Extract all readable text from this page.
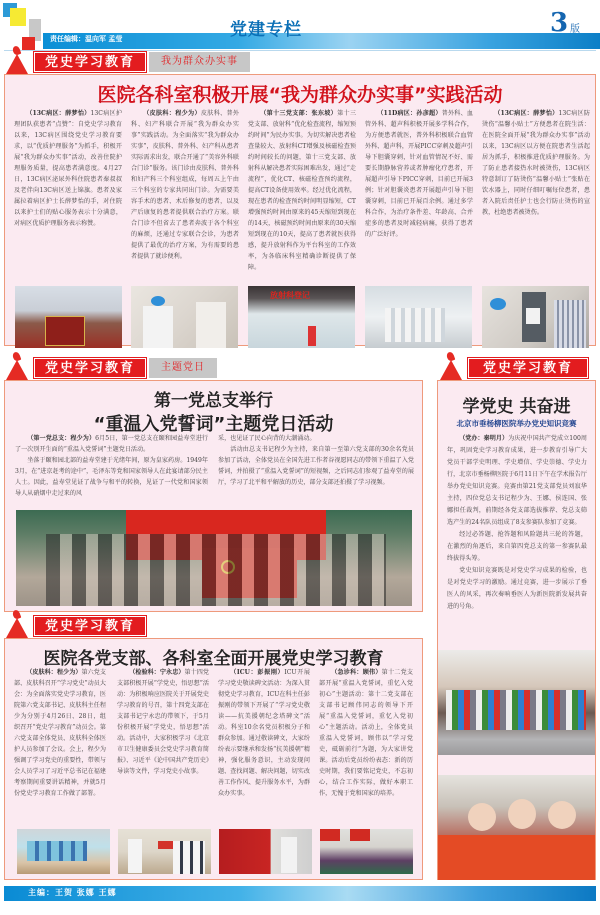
责任编辑：温向军 孟莹	党建专栏	3 版
党史学习教育	我为群众办实事
医院各科室积极开展“我为群众办实事”实践活动
（13C病区：薛梦怡）13C病区护理团队获患者“点赞”：自党史学习教育以来，13C病区围绕党史学习教育要求，以“优质护理服务”为抓手，积极开展“我为群众办实事”活动，改善住院护理服务质量，提高患者满意度。4月27日，13C病区泌尿外科住院患者秦叔叔及老伴向13C病区送上锦旗。患者及家属拉着病区护士长薛梦怡的手，对住院以来护士们的贴心服务表示十分满意，对病区优质护理服务表示称赞。
（皮肤科：程少为）皮肤科、普外科、妇产科联合开展“我为群众办实事”实践活动。为全面落实“我为群众办实事”，皮肤科、普外科、妇产科从患者实际需求出发，联合开通了“美容外科联合门诊”服务。该门诊由皮肤科、普外科和妇产科三个科室组成，每周五上午由三个科室的专家共同出门诊。为需要美容手术的患者、术后修复的患者，以及产后康复的患者提供联合治疗方案。联合门诊不但省去了患者奔波于各个科室的麻烦，还通过专家联合会诊，为患者提供了最优的治疗方案，为有需要的患者提供了就诊便利。
（第十三党支部：张东坡）第十三党支部、放射科“优化检查流程，缩短预约时间”为民办实事。为切实解决患者检查量较大、放射科CT增强及核磁检查预约时间较长的问题，第十三党支部、放射科从解决患者实际困难出发，通过“走流程”，优化CT、核磁检查预约流程，提高CT设备使用效率。经过优化流程，现在患者的检查预约时间明显缩短，CT增强预约时间由原来的45天缩短到现在的14天，核磁预约时间由原来的30天缩短到现在的10天，提高了患者就医获得感，提升放射科作为平台科室的工作效率，为各临床科室精确诊断提供了保障。
（11D病区：孙彦超）普外科、血管外科、超声科积极开展多学科合作，为方便患者就医，普外科积极联合血管外科、超声科，开展PICC穿刺及超声引导下胆囊穿刺，针对血管情况不好、需要长期静脉营养或者肿瘤化疗患者，开展超声引导下PICC穿刺，目前已开展3例；针对胆囊炎患者开展超声引导下胆囊穿刺，目前已开展百余例。通过多学科合作，为治疗条件差、年龄高、合并症多的患者及时减轻病痛，获得了患者的广泛好评。
（13C病区：薛梦怡）13C病区防烫伤“温馨小贴士”方便患者在院生活：在医院全面开展“我为群众办实事”活动以来，13C病区以方便在院患者生活起居为抓手，积极推进优质护理服务。为了防止患者接热水时被烫伤，13C病区特意制订了防烫伤“温馨小贴士”张贴在饮水器上，同时仔细叮嘱每位患者，患者入院后责任护士也会行防止烫伤的宣教，杜绝患者被烫伤。
放射科登记
党史学习教育	主题党日
第一党总支举行
“重温入党誓词”主题党日活动

（第一党总支：程少为）6月5日，第一党总支在颐和园益寿堂进行了一次别开生面的“重温入党誓词”主题党日活动。

坐落于颐和园北部的益寿堂建于光绪年间，原为皇家药房。1949年3月，在“进京赶考的途中”，毛泽东等党和国家领导人在此宴请部分民主人士。因此，益寿堂见证了战争与和平的转换，见证了一代党和国家领导人从硝烟中走过来的风

采，也见证了民心向背的大潮涌动。

活动由总支书记程少为主持，来自第一至第六党支部的30余名党员参加了活动，全体党员在全国先进工作者谷视愿同志的带领下重温了入党誓词，并拍摄了“重温入党誓词”的短视频，之后同志们参观了益寿堂的展厅，学习了北平和平解放的历史，部分支部还拍摄了学习视频。

党史学习教育
学党史 共奋进
北京市垂杨柳医院举办党史知识竞赛

（党办：秦明月）为庆祝中国共产党成立100周年，巩固党史学习教育成果，进一步教育引导广大党员干部学史明理、学史增信、学史崇德、学史力行，北京市垂杨柳医院于6月11日下午在学术报告厅举办党史知识竞赛。竞赛由第21党支部党员刘寂华主持，四位党总支书记程少为、王娜、侯连国、张娜担任裁判，前期经各党支部选拔推荐、党总支筛选产生的24名队员组成了8支参赛队参加了竞赛。

经过必答题、抢答题和风险题共三轮的答题，在激烈的角逐后，来自第四党总支的第一参赛队最终拔得头筹。

党史知识竞赛既是对党史学习成果的检验，也是对党史学习的激励。通过竞赛，进一步展示了垂医人的风采，再次奏响垂医人为新医院新发展共奋进的号角。

党史学习教育
医院各党支部、各科室全面开展党史学习教育
（皮肤科：程少为）第六党支部、皮肤科召开“学习党史”动员大会：为全面落实党史学习教育，医院第六党支部书记、皮肤科主任程少为分别于4月26日、28日，组织召开“党史学习教育”动员会。第六党支部全体党员、皮肤科全体医护人员参加了会议。会上，程少为强调了学习党史的重要性，带领与会人员学习了习近平总书记在福建考察期间重要讲话精神，并就5月份党史学习教育工作做了部署。
（检验科：宁永忠）第十四党支部积极开展“学党史，悟思想”活动：为积极响应医院关于开展党史学习教育的号召，第十四党支部在支部书记宁永忠的带领下，于5月份积极开展“学党史，悟思想”活动。活动中，大家积极学习《北京市卫生健康委员会党史学习教育简报》、习近平《论中国共产党历史》导读等文件，学习党史小故事。
（ICU：彭振刚）ICU开展学习党史敬读碑文活动：为深入贯彻党史学习教育，ICU在科主任彭振刚的带领下开展了“学习党史敬读——抗美援朝纪念塔碑文”活动。科室10余名党员积极分子和群众参加。通过敬读碑文，大家纷纷表示要继承和发扬“抗美援朝”精神，强化服务意识，主动发现问题、查找问题、解决问题，切实改善工作作风、提升服务水平，为群众办实事。
（急诊科：顾伟）第十二党支部开展“重温入党誓词，重忆入党初心”主题活动：第十二党支部在支部书记顾伟同志的领导下开展“重温入党誓词，重忆入党初心”主题活动。活动上，全体党员重温入党誓词，顾伟以“学习党史，砥砺前行”为题，为大家讲党课。活动后党员纷纷表态：新的历史时期，我们要铭记党史，不忘初心，结合工作实际，做好本职工作，无愧于党和国家的培养。
主编：王贺 张娜 王娜
